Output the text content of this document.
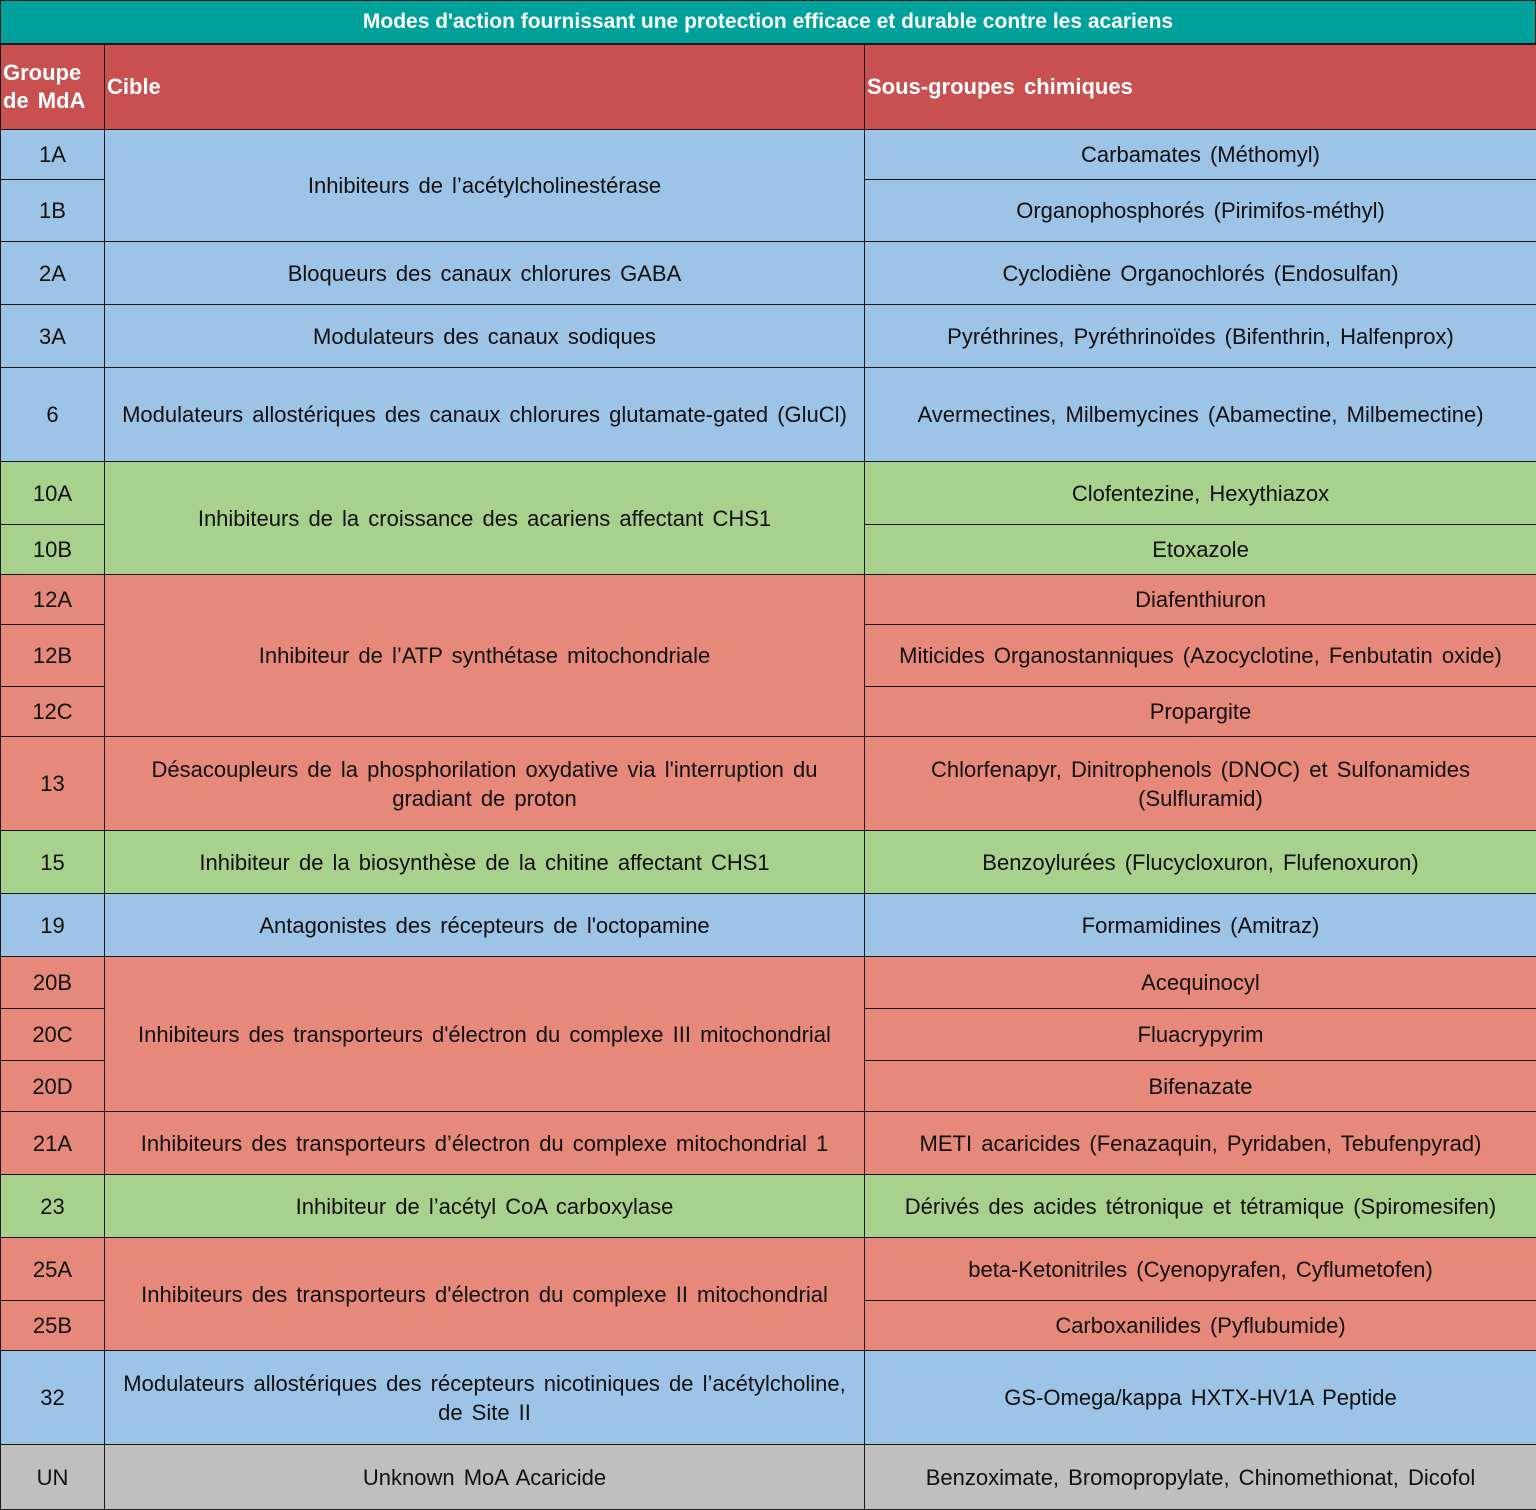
Modes d'action fournissant une protection efficace et durable contre les acariens
Groupe de MdA	Cible	Sous-groupes chimiques
1A	Inhibiteurs de l’acétylcholinestérase	Carbamates (Méthomyl)
1B		Organophosphorés (Pirimifos-méthyl)
2A	Bloqueurs des canaux chlorures GABA	Cyclodiène Organochlorés (Endosulfan)
3A	Modulateurs des canaux sodiques	Pyréthrines, Pyréthrinoïdes (Bifenthrin, Halfenprox)
6	Modulateurs allostériques des canaux chlorures glutamate-gated (GluCl)	Avermectines, Milbemycines (Abamectine, Milbemectine)
10A	Inhibiteurs de la croissance des acariens affectant CHS1	Clofentezine, Hexythiazox
10B		Etoxazole
12A	Inhibiteur de l’ATP synthétase mitochondriale	Diafenthiuron
12B		Miticides Organostanniques (Azocyclotine, Fenbutatin oxide)
12C		Propargite
13	Désacoupleurs de la phosphorilation oxydative via l'interruption du gradiant de proton	Chlorfenapyr, Dinitrophenols (DNOC) et Sulfonamides (Sulfluramid)
15	Inhibiteur de la biosynthèse de la chitine affectant CHS1	Benzoylurées (Flucycloxuron, Flufenoxuron)
19	Antagonistes des récepteurs de l'octopamine	Formamidines (Amitraz)
20B	Inhibiteurs des transporteurs d'électron du complexe III mitochondrial	Acequinocyl
20C		Fluacrypyrim
20D		Bifenazate
21A	Inhibiteurs des transporteurs d’électron du complexe mitochondrial 1	METI acaricides (Fenazaquin, Pyridaben, Tebufenpyrad)
23	Inhibiteur de l’acétyl CoA carboxylase	Dérivés des acides tétronique et tétramique (Spiromesifen)
25A	Inhibiteurs des transporteurs d'électron du complexe II mitochondrial	beta-Ketonitriles (Cyenopyrafen, Cyflumetofen)
25B		Carboxanilides (Pyflubumide)
32	Modulateurs allostériques des récepteurs nicotiniques de l’acétylcholine, de Site II	GS-Omega/kappa HXTX-HV1A Peptide
UN	Unknown MoA Acaricide	Benzoximate, Bromopropylate, Chinomethionat, Dicofol
